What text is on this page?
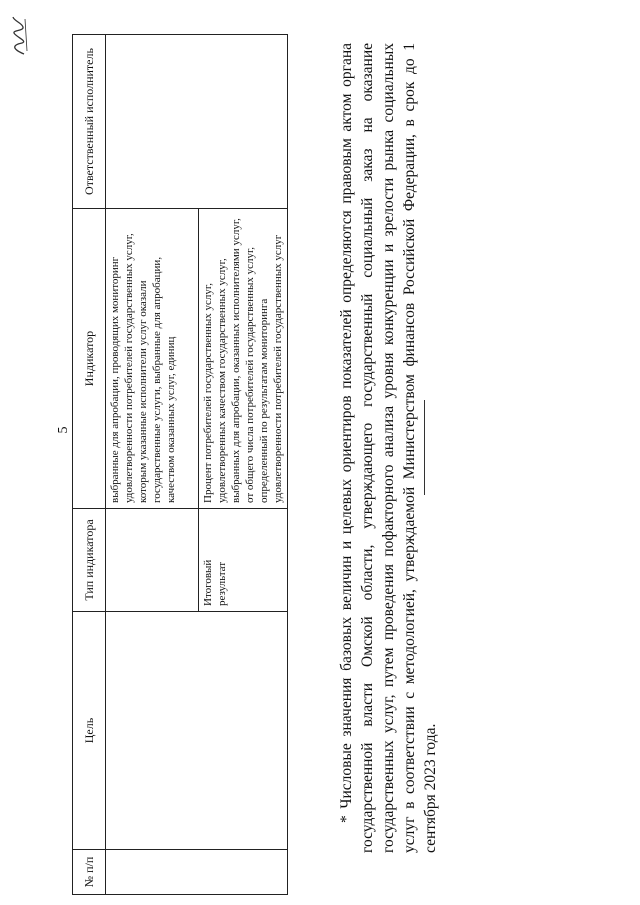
5
№ п/п	Цель	Тип индикатора	Индикатор	Ответственный исполнитель
			выбранные для апробации, проводящих мониторинг удовлетворенности потребителей государственных услуг, которым указанные исполнители услуг оказали государственные услуги, выбранные для апробации, качеством оказанных услуг, единиц	
		Итоговый результат	Процент потребителей государственных услуг, удовлетворенных качеством государственных услуг, выбранных для апробации, оказанных исполнителями услуг, от общего числа потребителей государственных услуг, определенный по результатам мониторинга удовлетворенности потребителей государственных услуг		* Числовые значения базовых величин и целевых ориентиров показателей определяются правовым актом органа государственной власти Омской области, утверждающего государственный социальный заказ на оказание государственных услуг, путем проведения пофакторного анализа уровня конкуренции и зрелости рынка социальных услуг в соответствии с методологией, утверждаемой Министерством финансов Российской Федерации, в срок до 1 сентября 2023 года.
